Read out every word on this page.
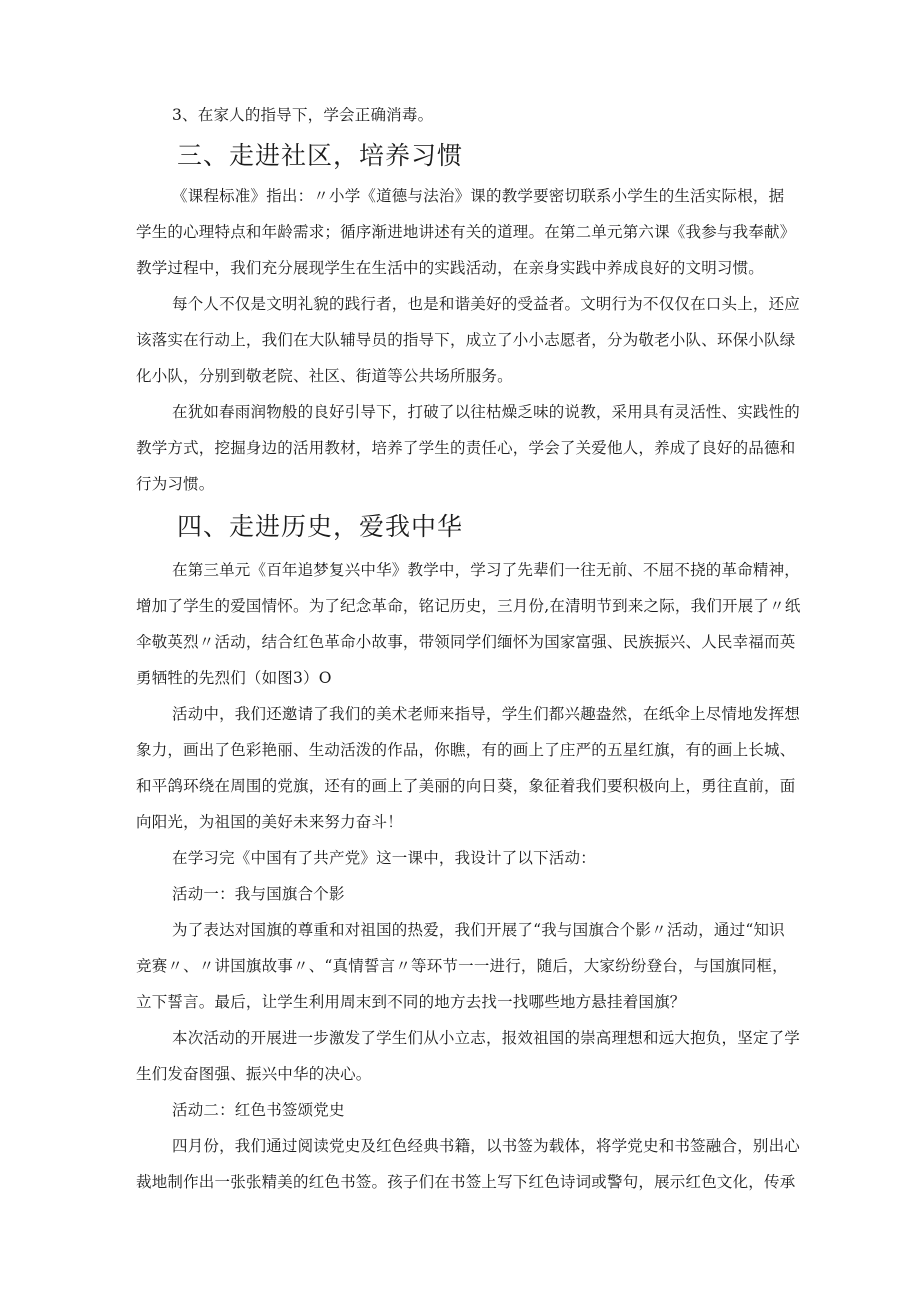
3、在家人的指导下，学会正确消毒。
三、走进社区，培养习惯
《课程标准》指出：〃小学《道德与法治》课的教学要密切联系小学生的生活实际根，据
学生的心理特点和年龄需求；循序渐进地讲述有关的道理。在第二单元第六课《我参与我奉献》
教学过程中，我们充分展现学生在生活中的实践活动，在亲身实践中养成良好的文明习惯。
每个人不仅是文明礼貌的践行者，也是和谐美好的受益者。文明行为不仅仅在口头上，还应
该落实在行动上，我们在大队辅导员的指导下，成立了小小志愿者，分为敬老小队、环保小队绿
化小队，分别到敬老院、社区、街道等公共场所服务。
在犹如春雨润物般的良好引导下，打破了以往枯燥乏味的说教，采用具有灵活性、实践性的
教学方式，挖掘身边的活用教材，培养了学生的责任心，学会了关爱他人，养成了良好的品德和
行为习惯。
四、走进历史，爱我中华
在第三单元《百年追梦复兴中华》教学中，学习了先辈们一往无前、不屈不挠的革命精神，
增加了学生的爱国情怀。为了纪念革命，铭记历史，三月份,在清明节到来之际，我们开展了〃纸
伞敬英烈〃活动，结合红色革命小故事，带领同学们缅怀为国家富强、民族振兴、人民幸福而英
勇牺牲的先烈们（如图3）O
活动中，我们还邀请了我们的美术老师来指导，学生们都兴趣盎然，在纸伞上尽情地发挥想
象力，画出了色彩艳丽、生动活泼的作品，你瞧，有的画上了庄严的五星红旗，有的画上长城、
和平鸽环绕在周围的党旗，还有的画上了美丽的向日葵，象征着我们要积极向上，勇往直前，面
向阳光，为祖国的美好未来努力奋斗！
在学习完《中国有了共产党》这一课中，我设计了以下活动：
活动一：我与国旗合个影
为了表达对国旗的尊重和对祖国的热爱，我们开展了“我与国旗合个影〃活动，通过“知识
竞赛〃、〃讲国旗故事〃、“真情誓言〃等环节一一进行，随后，大家纷纷登台，与国旗同框，
立下誓言。最后，让学生利用周末到不同的地方去找一找哪些地方悬挂着国旗？
本次活动的开展进一步激发了学生们从小立志，报效祖国的崇高理想和远大抱负，坚定了学
生们发奋图强、振兴中华的决心。
活动二：红色书签颂党史
四月份，我们通过阅读党史及红色经典书籍，以书签为载体，将学党史和书签融合，别出心
裁地制作出一张张精美的红色书签。孩子们在书签上写下红色诗词或警句，展示红色文化，传承
